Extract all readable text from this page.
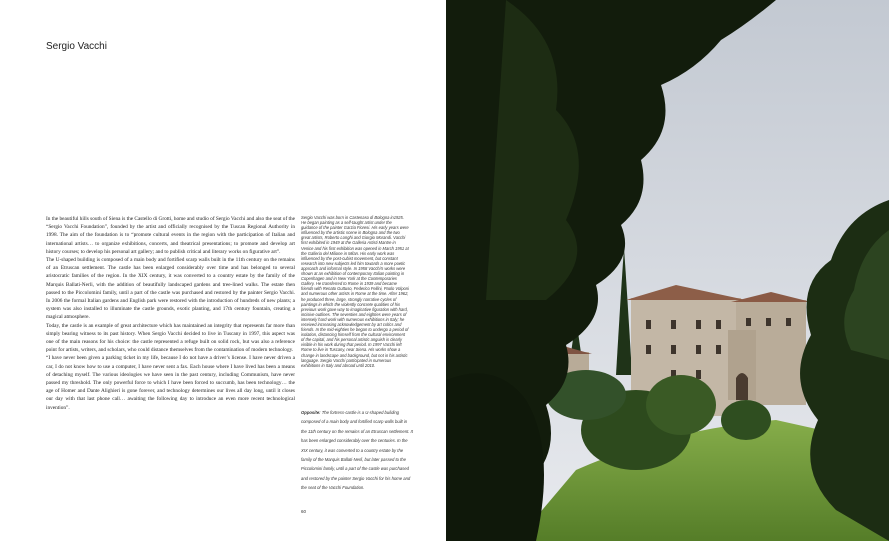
Sergio Vacchi

In the beautiful hills south of Siena is the Castello di Grotti, home and studio of Sergio Vacchi and also the seat of the “Sergio Vacchi Foundation”, founded by the artist and officially recognised by the Tuscan Regional Authority in 1998. The aim of the foundation is to “promote cultural events in the region with the participation of Italian and international artists… to organize exhibitions, concerts, and theatrical presentations; to promote and develop art history courses; to develop his personal art gallery; and to publish critical and literary works on figurative art”.

The U-shaped building is composed of a main body and fortified scarp walls built in the 11th century on the remains of an Etruscan settlement. The castle has been enlarged considerably over time and has belonged to several aristocratic families of the region. In the XIX century, it was converted to a country estate by the family of the Marquis Ballati-Nerli, with the addition of beautifully landscaped gardens and tree-lined walks. The estate then passed to the Piccolomini family, until a part of the castle was purchased and restored by the painter Sergio Vacchi. In 2006 the formal Italian gardens and English park were restored with the introduction of hundreds of new plants; a system was also installed to illuminate the castle grounds, exotic planting, and 17th century fountain, creating a magical atmosphere.

Today, the castle is an example of great architecture which has maintained an integrity that represents far more than simply bearing witness to its past history. When Sergio Vacchi decided to live in Tuscany in 1997, this aspect was one of the main reasons for his choice: the castle represented a refuge built on solid rock, but was also a reference point for artists, writers, and scholars, who could distance themselves from the contamination of modern technology.

“I have never been given a parking ticket in my life, because I do not have a driver’s license. I have never driven a car, I do not know how to use a computer, I have never sent a fax. Each house where I have lived has been a means of detaching myself. The various ideologies we have seen in the past century, including Communism, have never passed my threshold. The only powerful force to which I have been forced to succumb, has been technology… the age of Homer and Dante Alighieri is gone forever, and technology determines our lives all day long, until it closes our day with that last phone call… awaiting the following day to introduce an even more recent technological invention”.

Sergio Vacchi was born in Castenaso di Bologna in1925. He began painting as a self-taught artist under the guidance of the painter Garzia Fioresi. His early years were influenced by the artistic scene in Bologna and the two great artists, Roberto Longhi and Giorgio Morandi. Vacchi first exhibited in 1949 at the Galleria Artisti Mantre in Venice and his first exhibition was opened in March 1951 at the Galleria del Milione in Milan. His early work was influenced by the post-cubist movement, but constant research into new subjects led him towards a more poetic approach and informal style. In 1958 Vacchi's works were shown at an exhibition of contemporary Italian painting in Copenhagen and in New York at the Contemporaries Gallery. He transferred to Rome in 1939 and became friends with Renato Guttuso, Federico Fellini, Paolo Volponi and numerous other artists in Rome at the time. After 1962, he produced three, large, strongly narrative cycles of paintings in which the violently concrete qualities of his previous work gave way to imaginative figuration with hard, incisive outlines. The seventies and eighties were years of intensely hard work with numerous exhibitions in Italy; he received increasing acknowledgement by art critics and friends. In the mid-eighties he began to undergo a period of isolation, distancing himself from the cultural environment of the capital, and his personal artistic anguish is clearly visible in his work during that period. In 1997 Vacchi left Rome to live in Tuscany, near Siena. His works show a change in landscape and background, but not in his artistic language. Sergio Vacchi participated in numerous exhibitions in Italy and abroad until 2010.
Opposite: The fortress-castle is a U-shaped building composed of a main body and fortified scarp walls built in the 11th century on the remains of an Etruscan settlement. It has been enlarged considerably over the centuries. In the XIX century, it was converted to a country estate by the family of the Marquis Ballati-Nerli, but later passed to the Piccolomini family, until a part of the castle was purchased and restored by the painter Sergio Vacchi for his home and the seat of the Vacchi Foundation.
60
